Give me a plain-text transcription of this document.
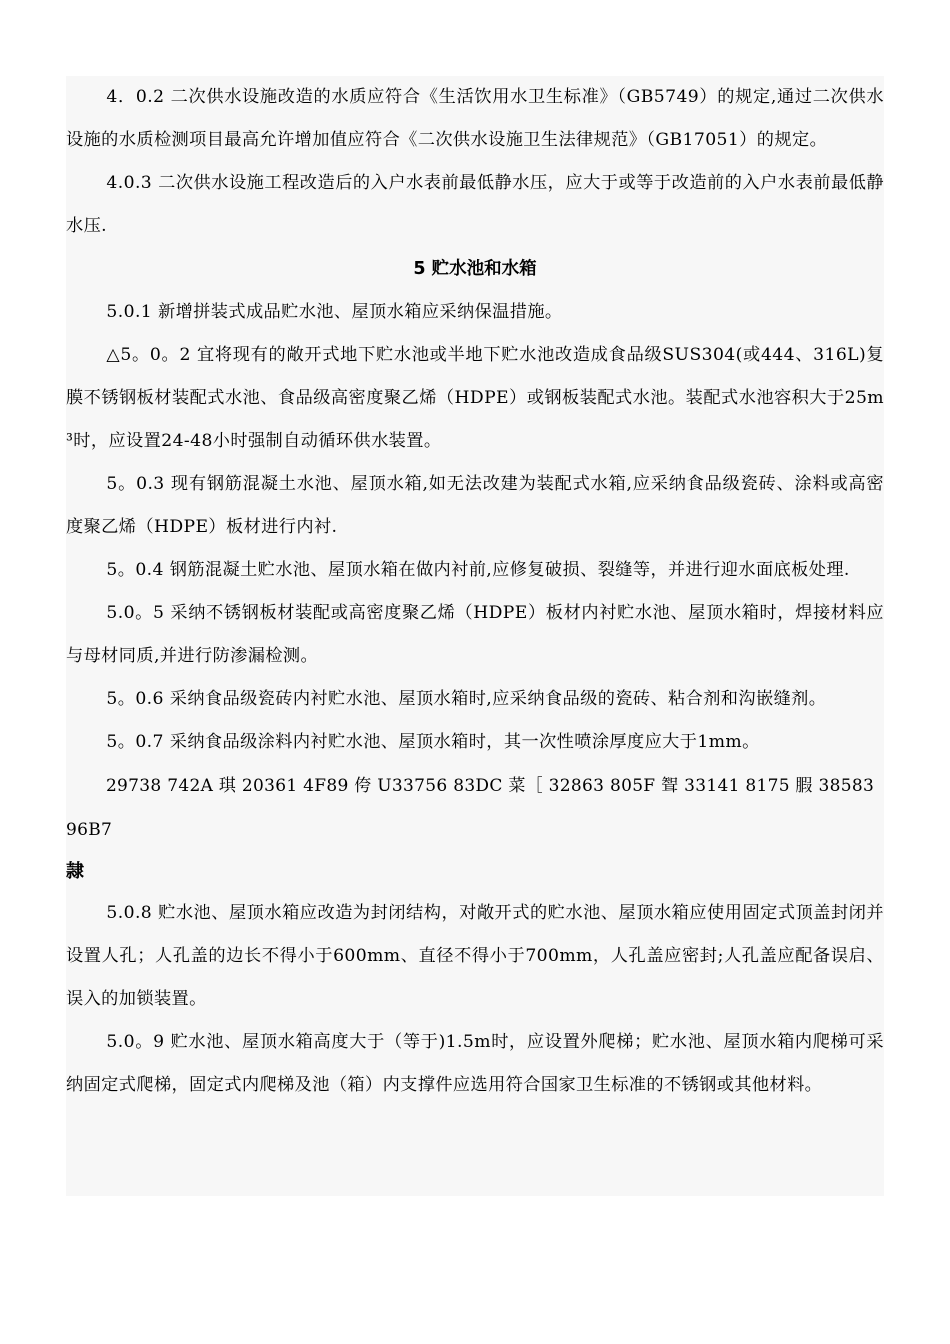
4．0.2 二次供水设施改造的水质应符合《生活饮用水卫生标准》（GB5749）的规定,通过二次供水设施的水质检测项目最高允许增加值应符合《二次供水设施卫生法律规范》（GB17051）的规定。

4.0.3 二次供水设施工程改造后的入户水表前最低静水压，应大于或等于改造前的入户水表前最低静水压.

5 贮水池和水箱

5.0.1 新增拼装式成品贮水池、屋顶水箱应采纳保温措施。

△5。0。2 宜将现有的敞开式地下贮水池或半地下贮水池改造成食品级SUS304(或444、316L)复膜不锈钢板材装配式水池、食品级高密度聚乙烯（HDPE）或钢板装配式水池。装配式水池容积大于25m³时，应设置24-48小时强制自动循环供水装置。

5。0.3 现有钢筋混凝土水池、屋顶水箱,如无法改建为装配式水箱,应采纳食品级瓷砖、涂料或高密度聚乙烯（HDPE）板材进行内衬.

5。0.4 钢筋混凝土贮水池、屋顶水箱在做内衬前,应修复破损、裂缝等，并进行迎水面底板处理.

5.0。5 采纳不锈钢板材装配或高密度聚乙烯（HDPE）板材内衬贮水池、屋顶水箱时，焊接材料应与母材同质,并进行防渗漏检测。

5。0.6 采纳食品级瓷砖内衬贮水池、屋顶水箱时,应采纳食品级的瓷砖、粘合剂和沟嵌缝剂。

5。0.7 采纳食品级涂料内衬贮水池、屋顶水箱时，其一次性喷涂厚度应大于1mm。

29738 742A 琪 20361 4F89 侉 U33756 83DC 菜［ 32863 805F 聟 33141 8175 腵 38583 96B7

隷

5.0.8 贮水池、屋顶水箱应改造为封闭结构，对敞开式的贮水池、屋顶水箱应使用固定式顶盖封闭并设置人孔；人孔盖的边长不得小于600mm、直径不得小于700mm，人孔盖应密封;人孔盖应配备误启、误入的加锁装置。

5.0。9 贮水池、屋顶水箱高度大于（等于)1.5m时，应设置外爬梯；贮水池、屋顶水箱内爬梯可采纳固定式爬梯，固定式内爬梯及池（箱）内支撑件应选用符合国家卫生标准的不锈钢或其他材料。
